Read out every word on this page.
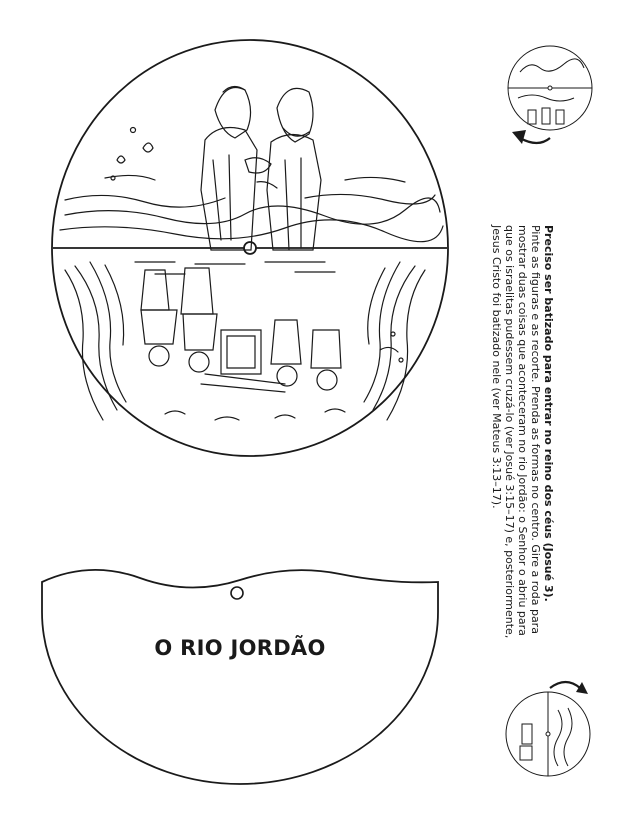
O RIO JORDÃO
Preciso ser batizado para entrar no reino dos céus (Josué 3).
Pinte as figuras e as recorte. Prenda as formas no centro. Gire a roda para mostrar duas coisas que aconteceram no rio Jordão: o Senhor o abriu para que os israelitas pudessem cruzá-lo (ver Josué 3:15–17) e, posteriormente, Jesus Cristo foi batizado nele (ver Mateus 3:13–17).
